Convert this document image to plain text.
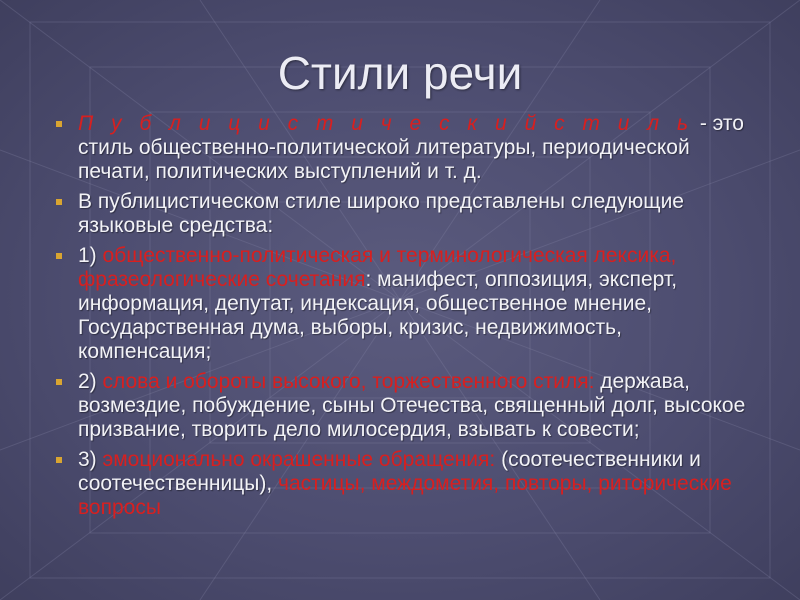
Стили речи
П у б л и ц и с т и ч е с к и й с т и л ь - это стиль общественно-политической литературы, периодической печати, политических выступлений и т. д.
В публицистическом стиле широко представлены следующие языковые средства:
1) общественно-политическая и терминологическая лексика, фразеологические сочетания: манифест, оппозиция, эксперт, информация, депутат, индексация, общественное мнение, Государственная дума, выборы, кризис, недвижимость, компенсация;
2) слова и обороты высокого, торжественного стиля: держава, возмездие, побуждение, сыны Отечества, священный долг, высокое призвание, творить дело милосердия, взывать к совести;
3) эмоционально окрашенные обращения: (соотечественники и соотечественницы), частицы, междометия, повторы, риторические вопросы
